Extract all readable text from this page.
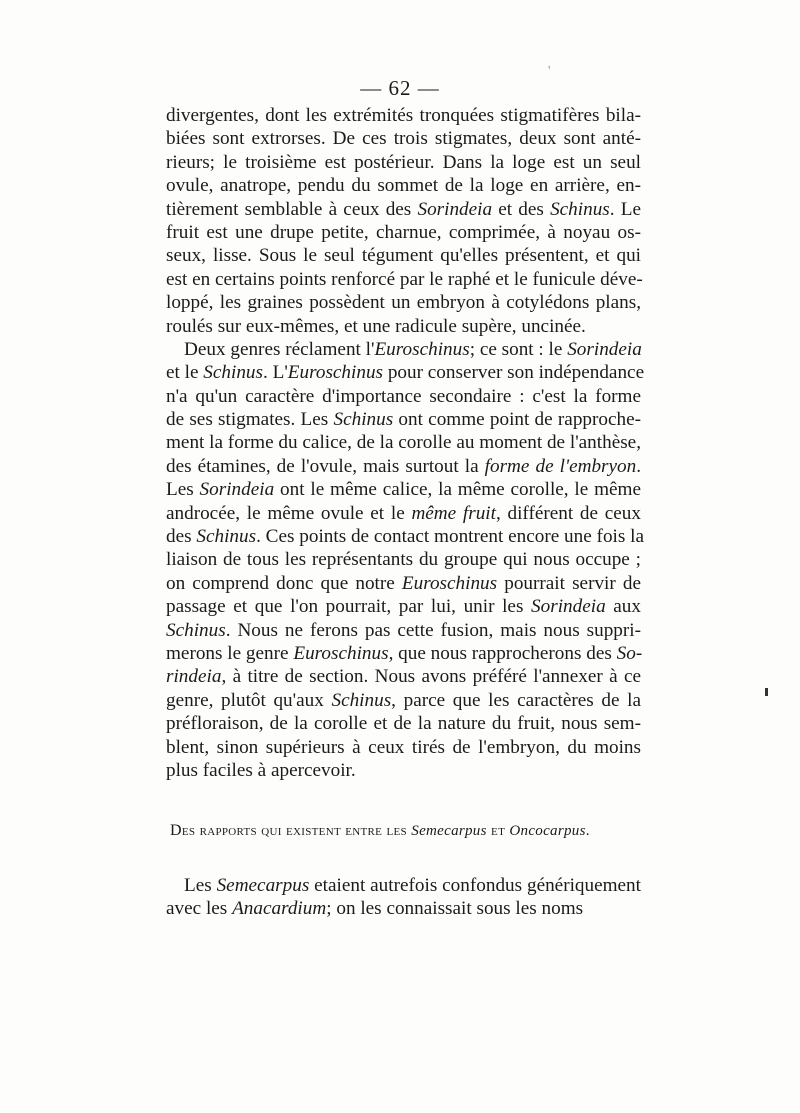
— 62 —
divergentes, dont les extrémités tronquées stigmatifères bila-
biées sont extrorses. De ces trois stigmates, deux sont anté-
rieurs; le troisième est postérieur. Dans la loge est un seul
ovule, anatrope, pendu du sommet de la loge en arrière, en-
tièrement semblable à ceux des Sorindeia et des Schinus. Le
fruit est une drupe petite, charnue, comprimée, à noyau os-
seux, lisse. Sous le seul tégument qu'elles présentent, et qui
est en certains points renforcé par le raphé et le funicule déve-
loppé, les graines possèdent un embryon à cotylédons plans,
roulés sur eux-mêmes, et une radicule supère, uncinée.
Deux genres réclament l'Euroschinus; ce sont : le Sorindeia
et le Schinus. L'Euroschinus pour conserver son indépendance
n'a qu'un caractère d'importance secondaire : c'est la forme
de ses stigmates. Les Schinus ont comme point de rapproche-
ment la forme du calice, de la corolle au moment de l'anthèse,
des étamines, de l'ovule, mais surtout la forme de l'embryon.
Les Sorindeia ont le même calice, la même corolle, le même
androcée, le même ovule et le même fruit, différent de ceux
des Schinus. Ces points de contact montrent encore une fois la
liaison de tous les représentants du groupe qui nous occupe ;
on comprend donc que notre Euroschinus pourrait servir de
passage et que l'on pourrait, par lui, unir les Sorindeia aux
Schinus. Nous ne ferons pas cette fusion, mais nous suppri-
merons le genre Euroschinus, que nous rapprocherons des So-
rindeia, à titre de section. Nous avons préféré l'annexer à ce
genre, plutôt qu'aux Schinus, parce que les caractères de la
préfloraison, de la corolle et de la nature du fruit, nous sem-
blent, sinon supérieurs à ceux tirés de l'embryon, du moins
plus faciles à apercevoir.
Des rapports qui existent entre les Semecarpus et Oncocarpus.
Les Semecarpus etaient autrefois confondus génériquement
avec les Anacardium; on les connaissait sous les noms
'
